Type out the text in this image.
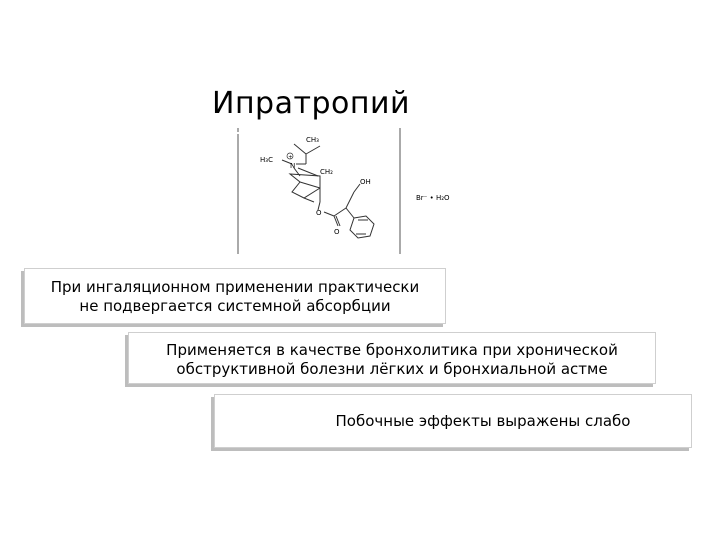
Ипратропий
CH₃
H₃C	+
N
CH₂
OH
O
O
Br⁻ • H₂O
При ингаляционном применении практически
не подвергается системной абсорбции
Применяется в качестве бронхолитика при хронической
обструктивной болезни лёгких и бронхиальной астме
Побочные эффекты выражены слабо
